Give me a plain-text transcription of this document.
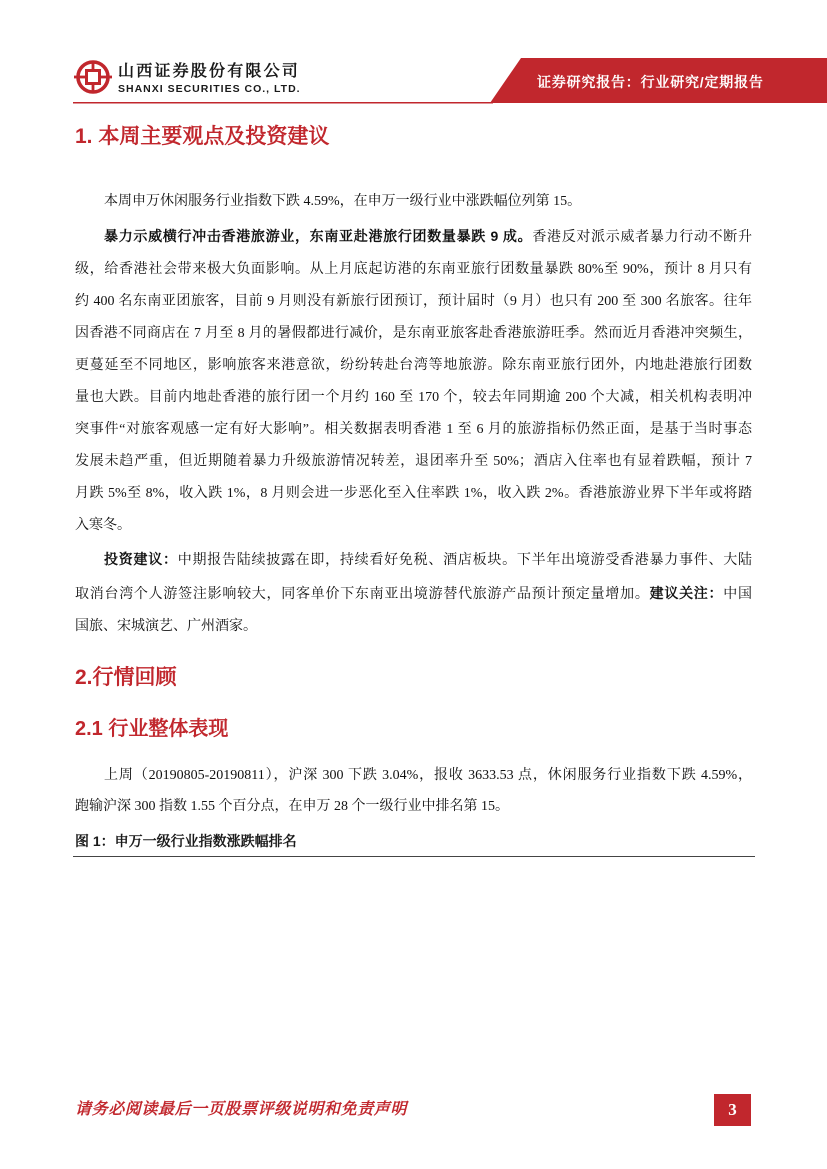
山西证券股份有限公司
SHANXI SECURITIES CO., LTD.	证券研究报告：行业研究/定期报告
1. 本周主要观点及投资建议
本周申万休闲服务行业指数下跌 4.59%，在申万一级行业中涨跌幅位列第 15。
暴力示威横行冲击香港旅游业，东南亚赴港旅行团数量暴跌 9 成。香港反对派示威者暴力行动不断升
级，给香港社会带来极大负面影响。从上月底起访港的东南亚旅行团数量暴跌 80%至 90%，预计 8 月只有
约 400 名东南亚团旅客，目前 9 月则没有新旅行团预订，预计届时（9 月）也只有 200 至 300 名旅客。往年
因香港不同商店在 7 月至 8 月的暑假都进行减价，是东南亚旅客赴香港旅游旺季。然而近月香港冲突频生，
更蔓延至不同地区，影响旅客来港意欲，纷纷转赴台湾等地旅游。除东南亚旅行团外，内地赴港旅行团数
量也大跌。目前内地赴香港的旅行团一个月约 160 至 170 个，较去年同期逾 200 个大减，相关机构表明冲
突事件“对旅客观感一定有好大影响”。相关数据表明香港 1 至 6 月的旅游指标仍然正面，是基于当时事态
发展未趋严重，但近期随着暴力升级旅游情况转差，退团率升至 50%；酒店入住率也有显着跌幅，预计 7
月跌 5%至 8%，收入跌 1%，8 月则会进一步恶化至入住率跌 1%，收入跌 2%。香港旅游业界下半年或将踏
入寒冬。
投资建议：中期报告陆续披露在即，持续看好免税、酒店板块。下半年出境游受香港暴力事件、大陆
取消台湾个人游签注影响较大，同客单价下东南亚出境游替代旅游产品预计预定量增加。建议关注：中国
国旅、宋城演艺、广州酒家。
2.行情回顾
2.1 行业整体表现
上周（20190805-20190811），沪深 300 下跌 3.04%，报收 3633.53 点，休闲服务行业指数下跌 4.59%，
跑输沪深 300 指数 1.55 个百分点，在申万 28 个一级行业中排名第 15。
图 1：申万一级行业指数涨跌幅排名
请务必阅读最后一页股票评级说明和免责声明	3
